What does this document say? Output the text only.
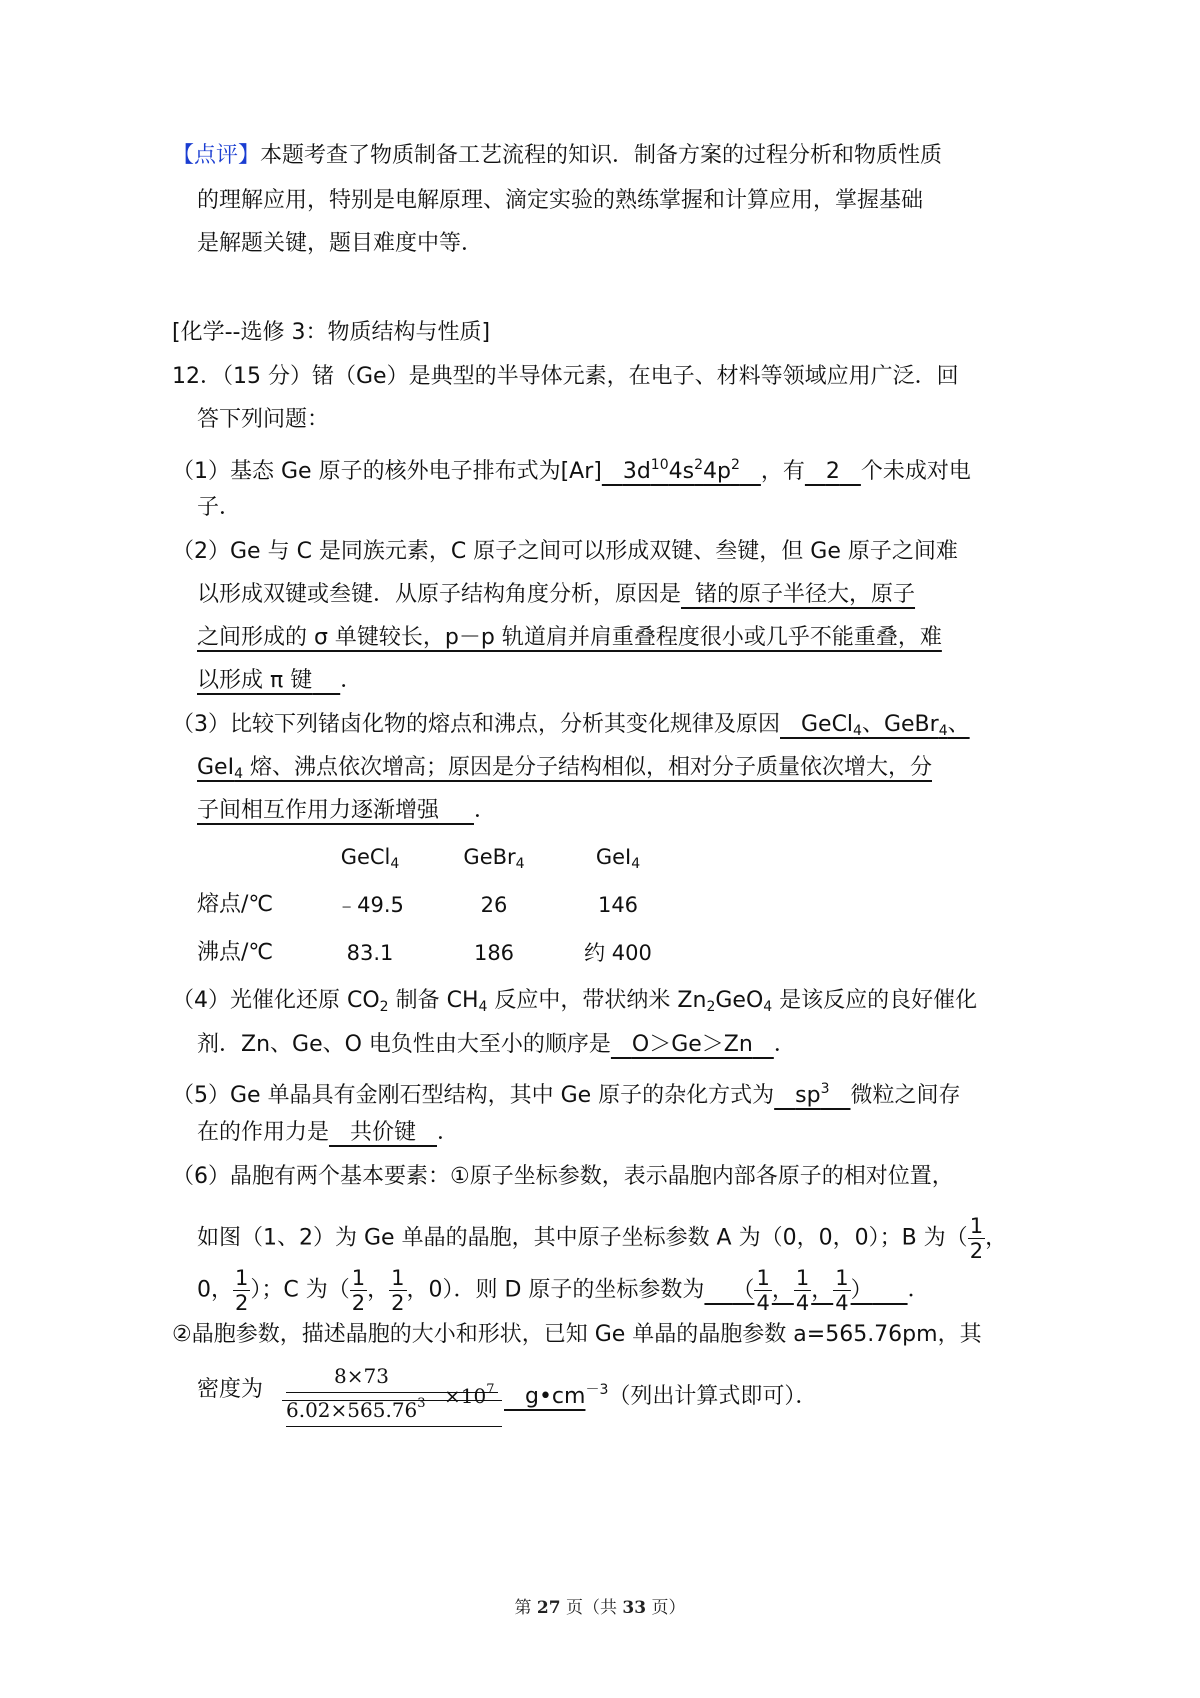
【点评】本题考查了物质制备工艺流程的知识．制备方案的过程分析和物质性质
的理解应用，特别是电解原理、滴定实验的熟练掌握和计算应用，掌握基础
是解题关键，题目难度中等．
[化学--选修 3：物质结构与性质]
12．（15 分）锗（Ge）是典型的半导体元素，在电子、材料等领域应用广泛．回
答下列问题：
（1）基态 Ge 原子的核外电子排布式为[Ar] $3d^{10}4s^24p^2$ ，有 2 个未成对电
子．
（2）Ge 与 C 是同族元素，C 原子之间可以形成双键、叁键，但 Ge 原子之间难
以形成双键或叁键．从原子结构角度分析，原因是 锗的原子半径大，原子
之间形成的 σ 单键较长，p－p 轨道肩并肩重叠程度很小或几乎不能重叠，难
以形成 π 键 ．
（3）比较下列锗卤化物的熔点和沸点，分析其变化规律及原因 GeCl$_4$、GeBr$_4$、
GeI$_4$ 熔、沸点依次增高；原因是分子结构相似，相对分子质量依次增大，分
子间相互作用力逐渐增强 ．
GeCl$_4$	GeBr$_4$	GeI$_4$
熔点/℃	﹣49.5	26	146
沸点/℃	83.1	186	约 400
（4）光催化还原 $CO_2$ 制备 $CH_4$ 反应中，带状纳米 $Zn_2GeO_4$ 是该反应的良好催化
剂．Zn、Ge、O 电负性由大至小的顺序是 O＞Ge＞Zn ．
（5）Ge 单晶具有金刚石型结构，其中 Ge 原子的杂化方式为 $sp^3$ 微粒之间存
在的作用力是 共价键 ．
（6）晶胞有两个基本要素：①原子坐标参数，表示晶胞内部各原子的相对位置，
如图（1、2）为 Ge 单晶的晶胞，其中原子坐标参数 A 为（0，0，0）；B 为（ $\frac{1}{2}$ ，
0， $\frac{1}{2}$ ）；C 为（ $\frac{1}{2}$ ， $\frac{1}{2}$ ，0）．则 D 原子的坐标参数为 （ $\frac{1}{4}$ ， $\frac{1}{4}$ ， $\frac{1}{4}$ ） ．
②晶胞参数，描述晶胞的大小和形状，已知 Ge 单晶的晶胞参数 a=565.76pm，其
密度为
8×73
$6.02\times 565.76^3 \times 10^7$	$g•cm^{-3}$（列出计算式即可）．
第 27 页（共 33 页）
